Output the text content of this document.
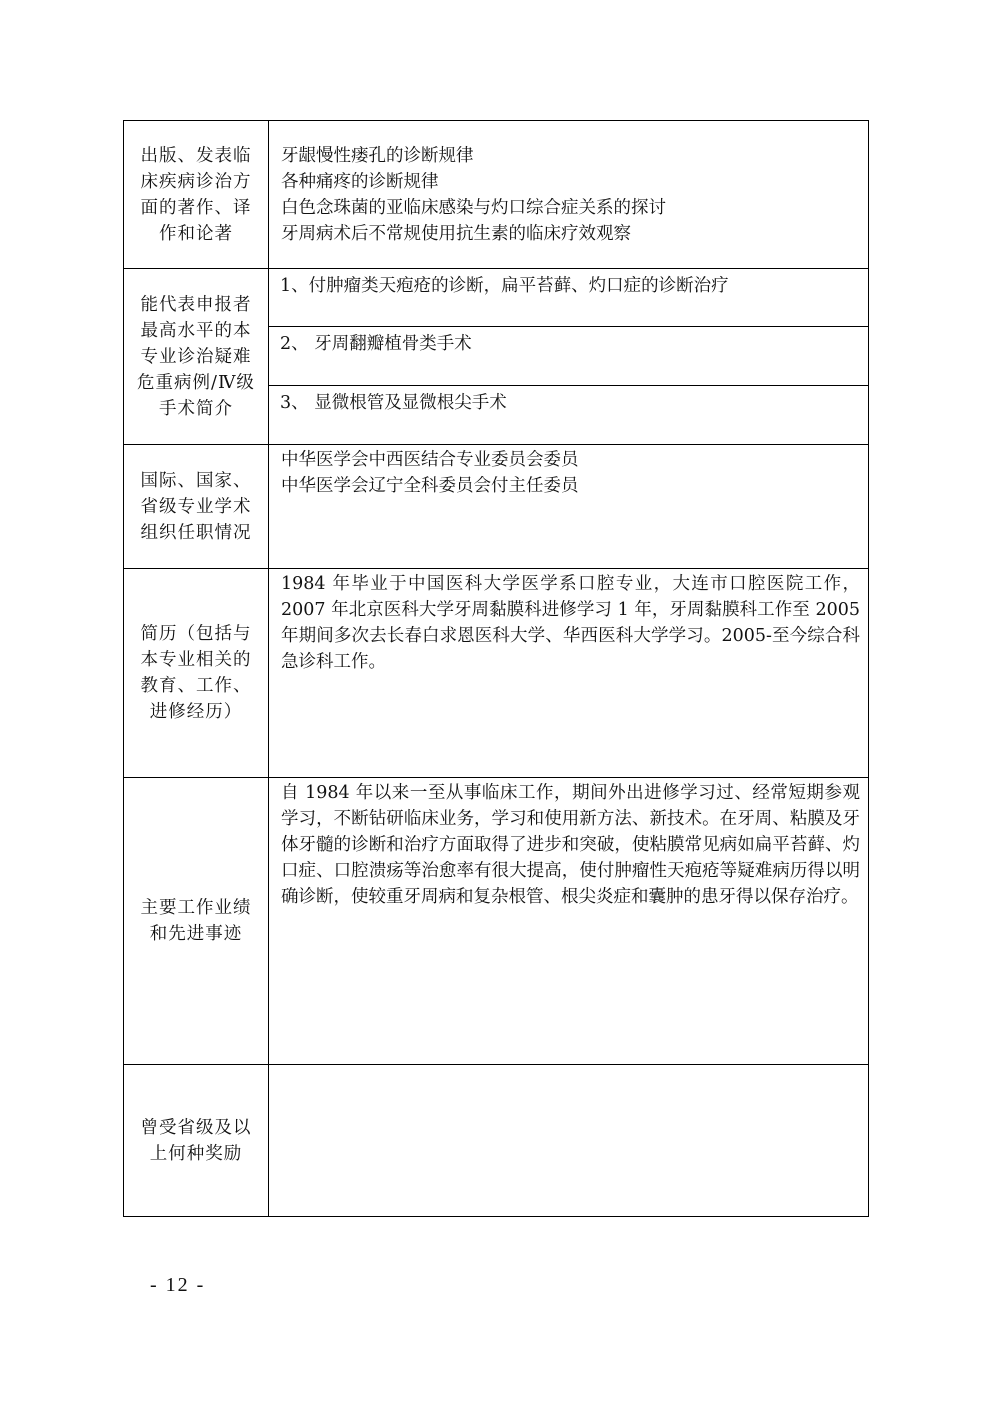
出版、发表临床疾病诊治方面的著作、译作和论著	牙龈慢性瘘孔的诊断规律
各种痛疼的诊断规律
白色念珠菌的亚临床感染与灼口综合症关系的探讨
牙周病术后不常规使用抗生素的临床疗效观察

能代表申报者最高水平的本专业诊治疑难危重病例/Ⅳ级手术简介	1、付肿瘤类天疱疮的诊断，扁平苔藓、灼口症的诊断治疗
2、 牙周翻瓣植骨类手术
3、 显微根管及显微根尖手术

国际、国家、省级专业学术组织任职情况	中华医学会中西医结合专业委员会委员
中华医学会辽宁全科委员会付主任委员

简历（包括与本专业相关的教育、工作、进修经历）	1984 年毕业于中国医科大学医学系口腔专业，大连市口腔医院工作，2007 年北京医科大学牙周黏膜科进修学习 1 年，牙周黏膜科工作至 2005 年期间多次去长春白求恩医科大学、华西医科大学学习。2005-至今综合科急诊科工作。

主要工作业绩和先进事迹	自 1984 年以来一至从事临床工作，期间外出进修学习过、经常短期参观学习，不断钻研临床业务，学习和使用新方法、新技术。在牙周、粘膜及牙体牙髓的诊断和治疗方面取得了进步和突破，使粘膜常见病如扁平苔藓、灼口症、口腔溃疡等治愈率有很大提高，使付肿瘤性天疱疮等疑难病历得以明确诊断，使较重牙周病和复杂根管、根尖炎症和囊肿的患牙得以保存治疗。

曾受省级及以上何种奖励	
- 12 -
